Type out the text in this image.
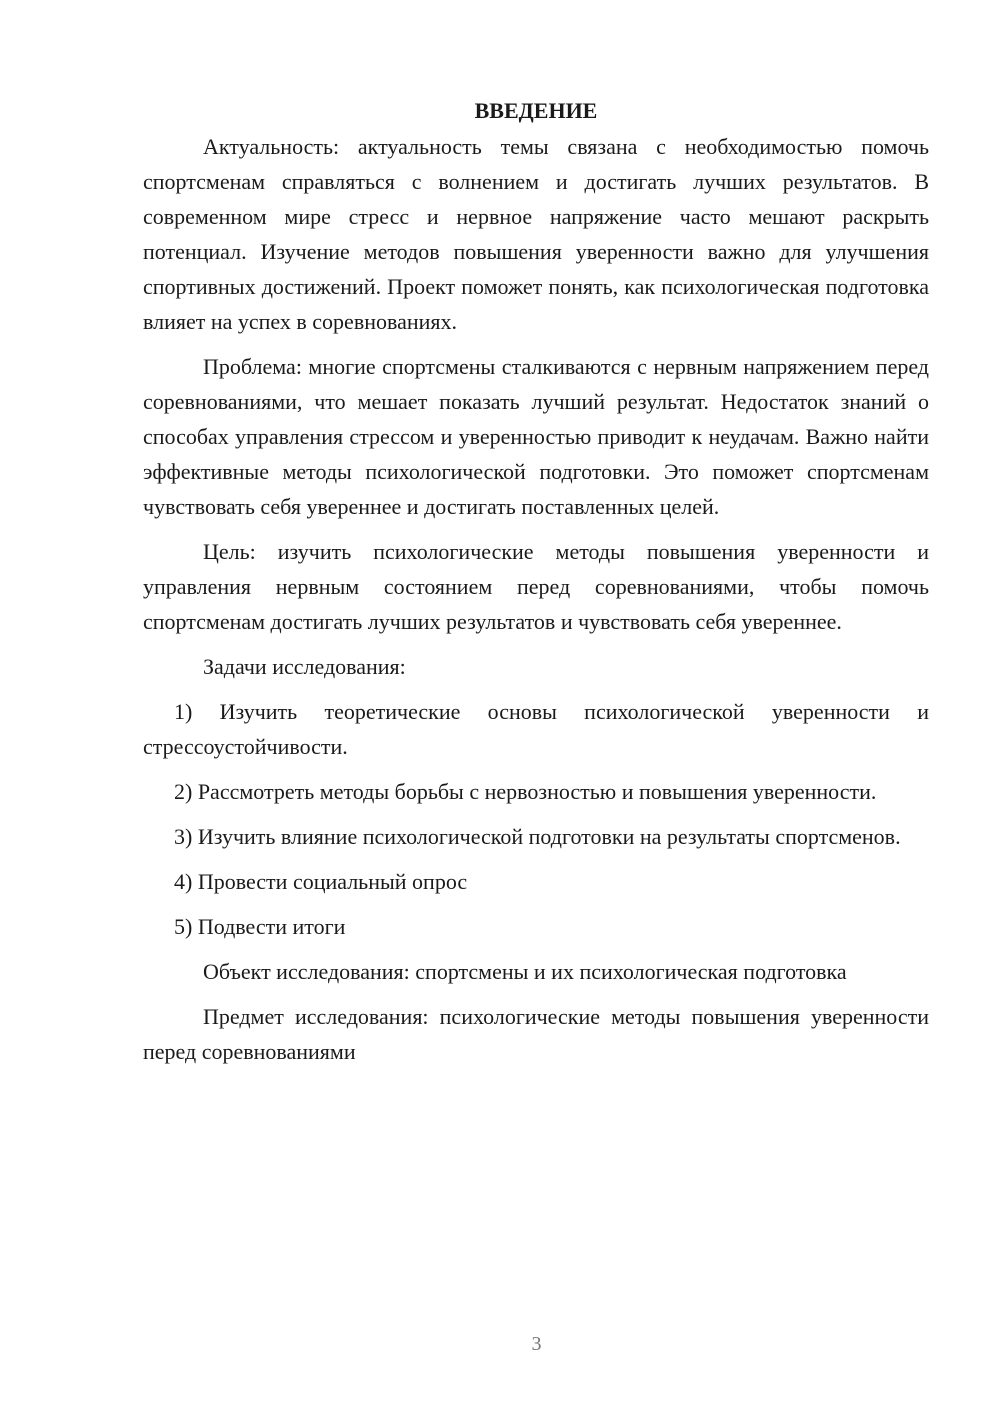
ВВЕДЕНИЕ

Актуальность: актуальность темы связана с необходимостью помочь спортсменам справляться с волнением и достигать лучших результатов. В современном мире стресс и нервное напряжение часто мешают раскрыть потенциал. Изучение методов повышения уверенности важно для улучшения спортивных достижений. Проект поможет понять, как психологическая подготовка влияет на успех в соревнованиях.

Проблема: многие спортсмены сталкиваются с нервным напряжением перед соревнованиями, что мешает показать лучший результат. Недостаток знаний о способах управления стрессом и уверенностью приводит к неудачам. Важно найти эффективные методы психологической подготовки. Это поможет спортсменам чувствовать себя увереннее и достигать поставленных целей.

Цель: изучить психологические методы повышения уверенности и управления нервным состоянием перед соревнованиями, чтобы помочь спортсменам достигать лучших результатов и чувствовать себя увереннее.

Задачи исследования:

1) Изучить теоретические основы психологической уверенности и стрессоустойчивости.

2) Рассмотреть методы борьбы с нервозностью и повышения уверенности.

3) Изучить влияние психологической подготовки на результаты спортсменов.

4) Провести социальный опрос

5) Подвести итоги

Объект исследования: спортсмены и их психологическая подготовка

Предмет исследования: психологические методы повышения уверенности перед соревнованиями

3
